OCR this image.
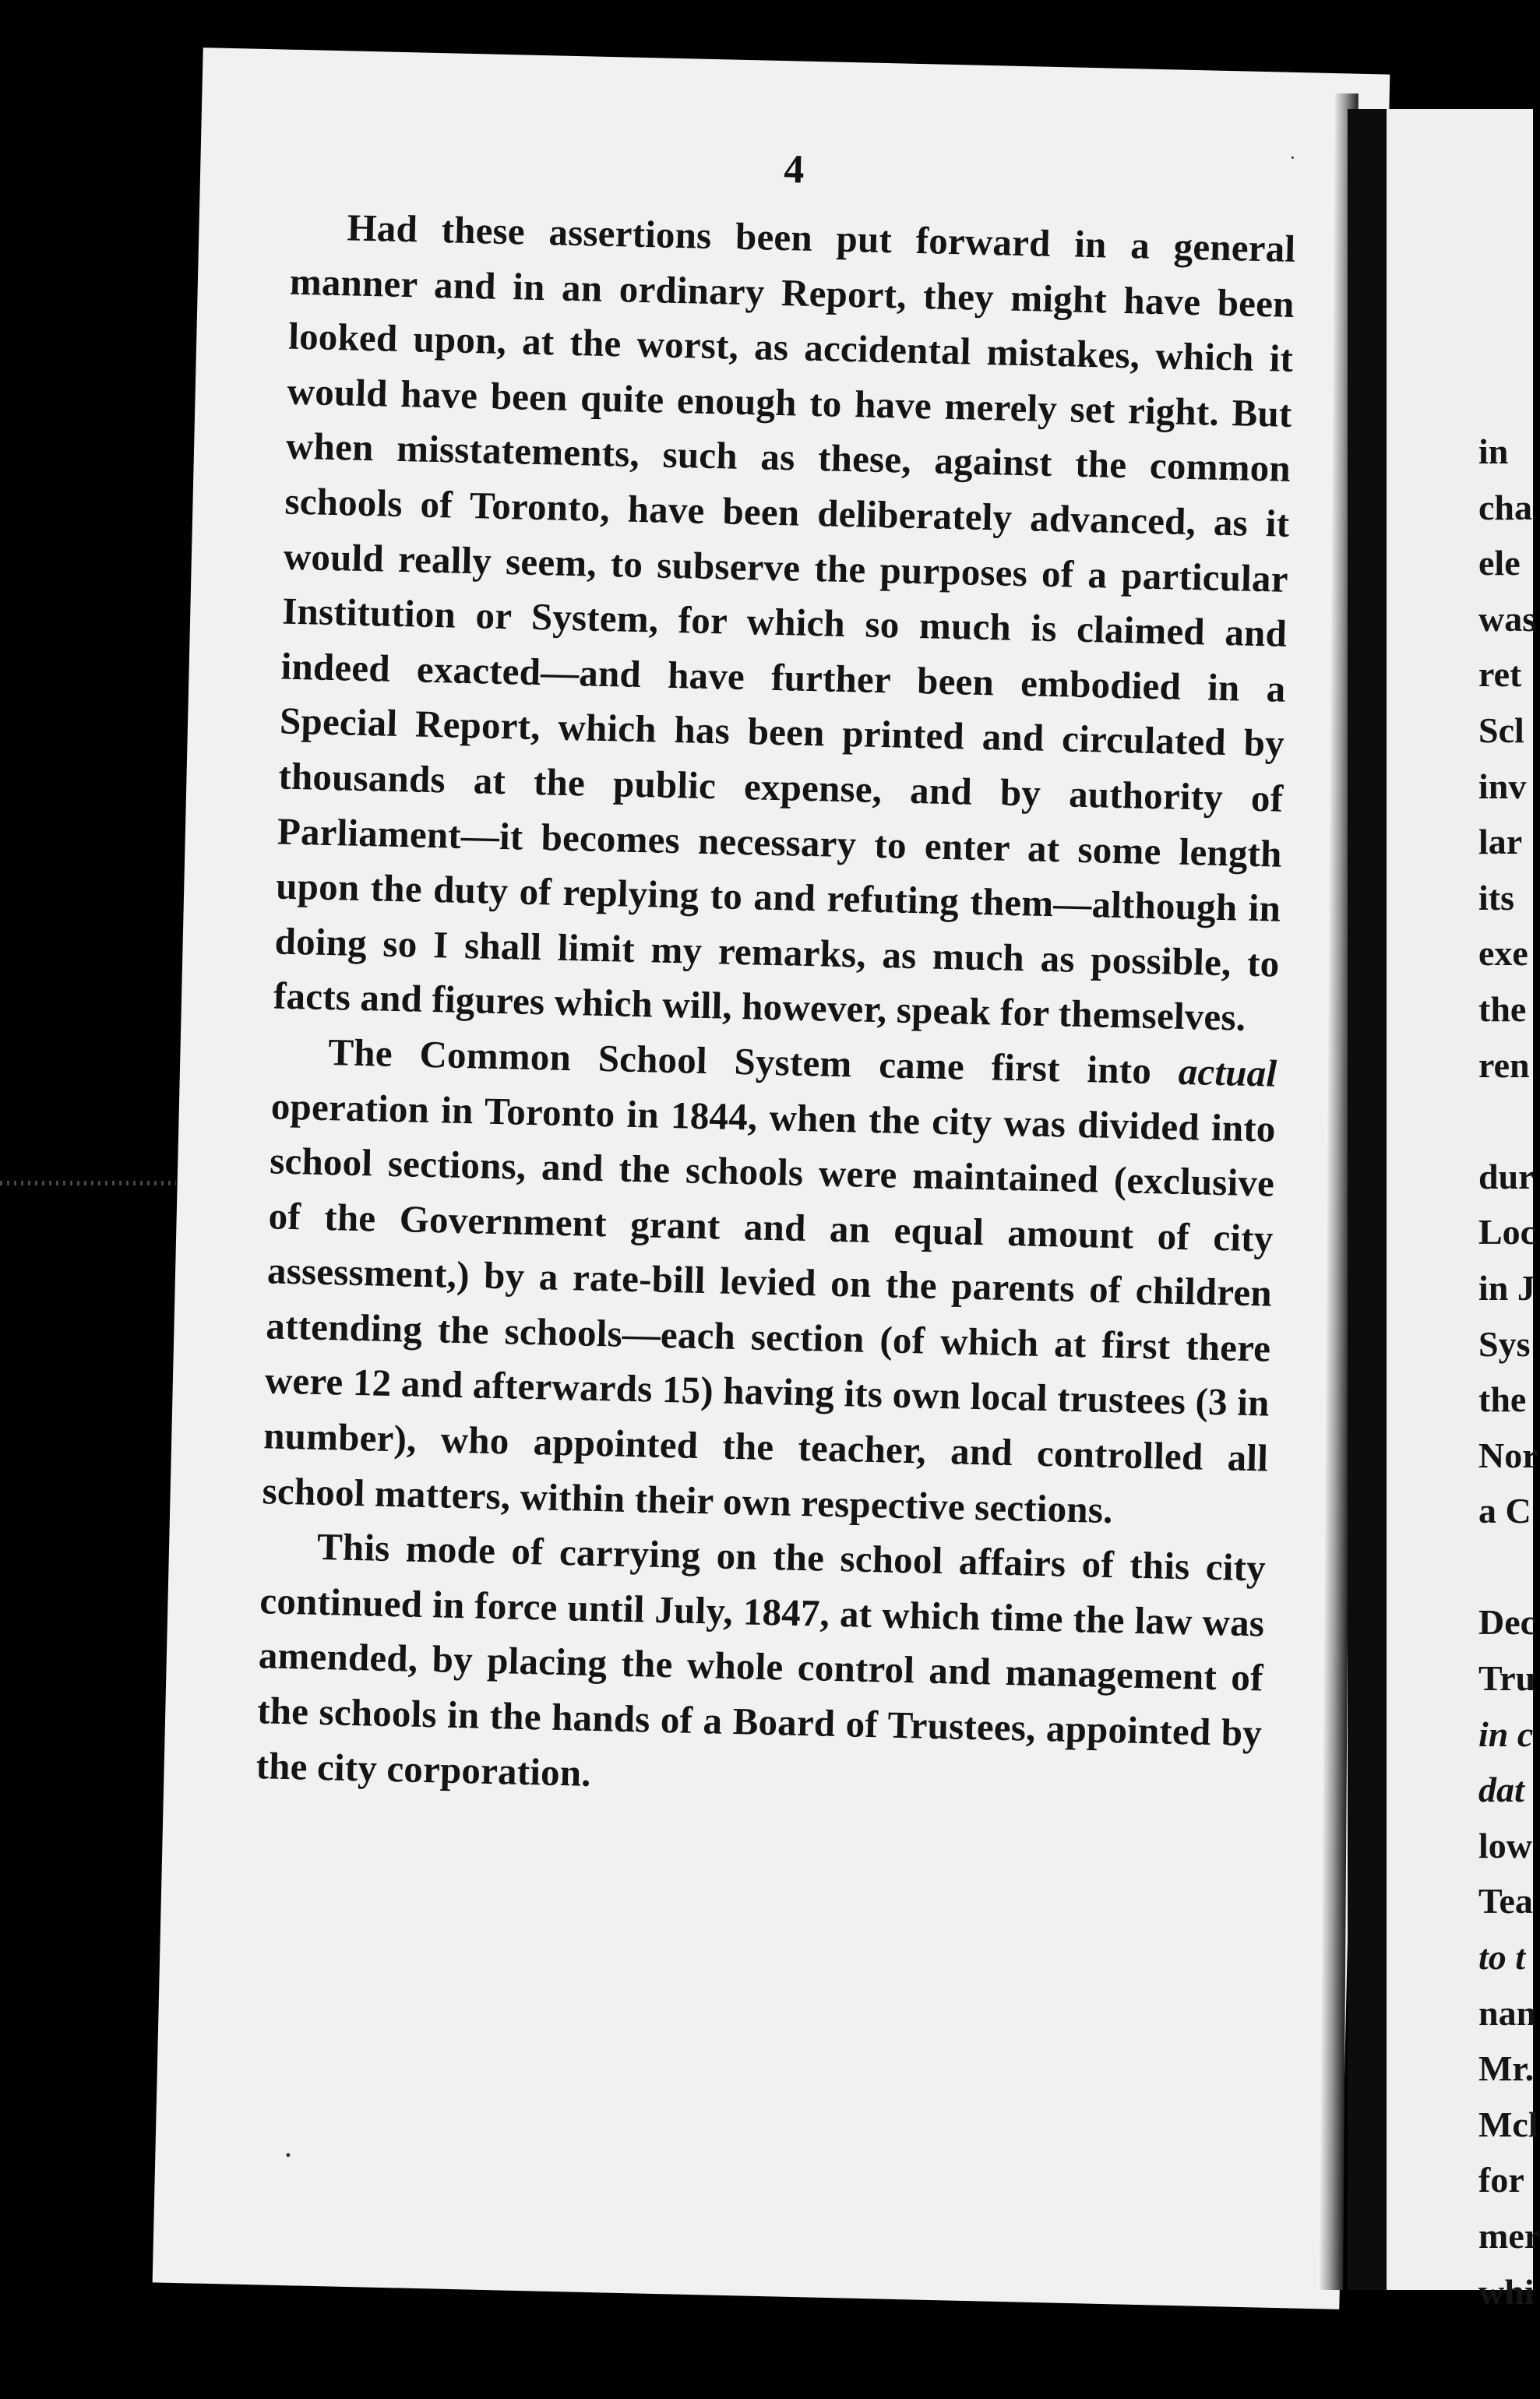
4

Had these assertions been put forward in a general manner and in an ordinary Report, they might have been looked upon, at the worst, as accidental mistakes, which it would have been quite enough to have merely set right. But when misstatements, such as these, against the common schools of Toronto, have been deliberately advanced, as it would really seem, to subserve the purposes of a particular Institution or System, for which so much is claimed and indeed exacted—and have further been embodied in a Special Report, which has been printed and circulated by thousands at the public expense, and by authority of Parliament—it becomes necessary to enter at some length upon the duty of replying to and refuting them—although in doing so I shall limit my remarks, as much as possible, to facts and figures which will, however, speak for themselves.

The Common School System came first into actual operation in Toronto in 1844, when the city was divided into school sections, and the schools were maintained (exclusive of the Government grant and an equal amount of city assessment,) by a rate-bill levied on the parents of children attending the schools—each section (of which at first there were 12 and afterwards 15) having its own local trustees (3 in number), who appointed the teacher, and controlled all school matters, within their own respective sections.

This mode of carrying on the school affairs of this city continued in force until July, 1847, at which time the law was amended, by placing the whole control and management of the schools in the hands of a Board of Trustees, appointed by the city corporation.

in
cha
ele
was
ret
Scl
inv
lar
its
exe
the
ren

dur
Loc
in J
Sys
the
Nor
a C

Dec
Tru
in c
dat
low
Tea
to t
nan
Mr.
Mcl
for
mer
whi
